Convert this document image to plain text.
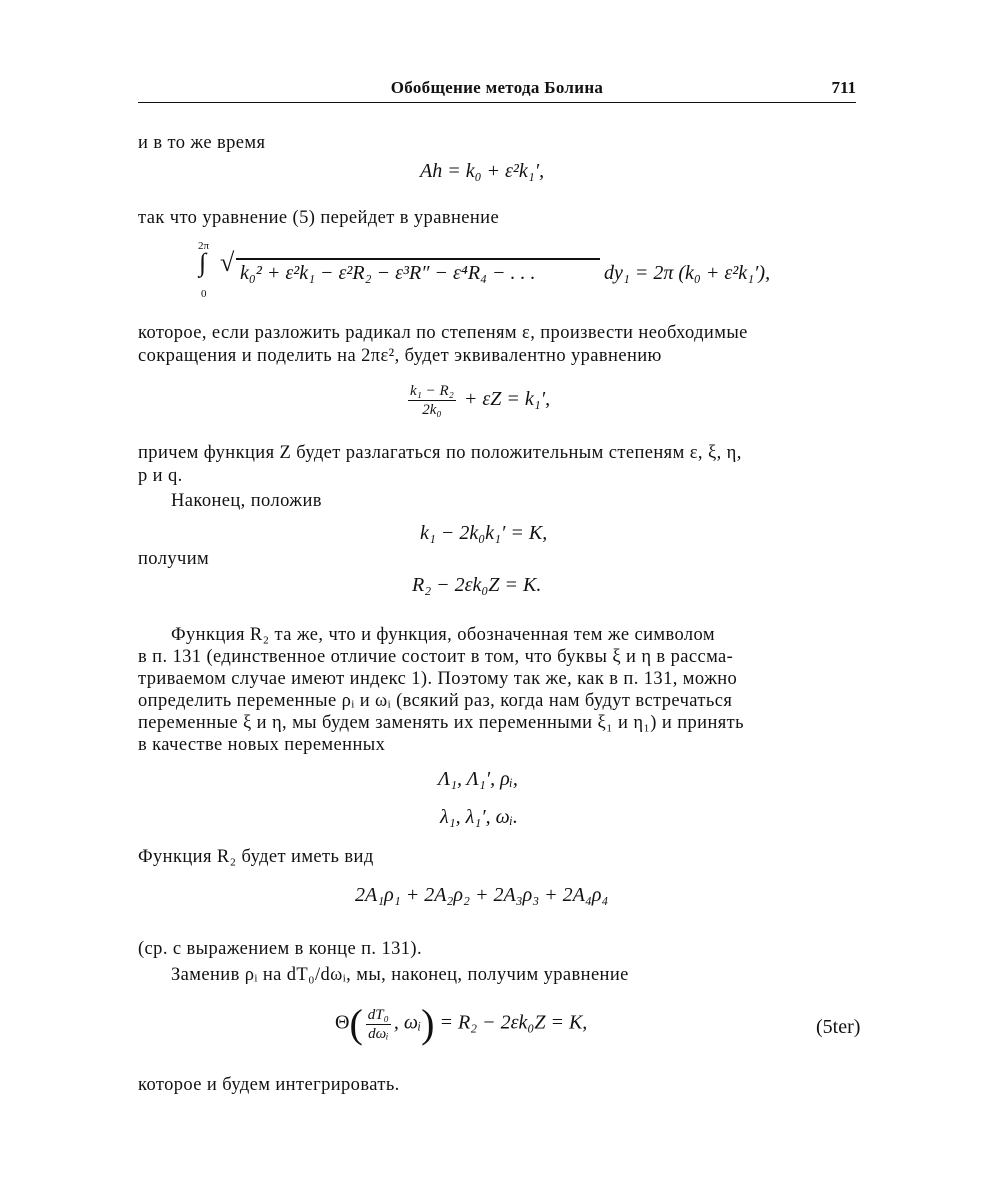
Обобщение метода Болина	711
и в то же время
Ah = k₀ + ε²k₁′,
так что уравнение (5) перейдет в уравнение
2π
∫
0
√ k₀² + ε²k₁ − ε²R₂ − ε³R″ − ε⁴R₄ − . . .	dy₁ = 2π (k₀ + ε²k₁′),
которое, если разложить радикал по степеням ε, произвести необходимые
сокращения и поделить на 2πε², будет эквивалентно уравнению
$\frac{\text{k₁ − R₂}}{\text{2k₀}} + \varepsilon Z = k_1'$,
причем функция Z будет разлагаться по положительным степеням ε, ξ, η,
p и q.
Наконец, положив
k₁ − 2k₀k₁′ = K,
получим
R₂ − 2εk₀Z = K.
Функция R₂ та же, что и функция, обозначенная тем же символом
в п. 131 (единственное отличие состоит в том, что буквы ξ и η в рассма-
триваемом случае имеют индекс 1). Поэтому так же, как в п. 131, можно
определить переменные ρᵢ и ωᵢ (всякий раз, когда нам будут встречаться
переменные ξ и η, мы будем заменять их переменными ξ₁ и η₁) и принять
в качестве новых переменных
Λ₁, Λ₁′, ρᵢ,
λ₁, λ₁′, ωᵢ.
Функция R₂ будет иметь вид
2A₁ρ₁ + 2A₂ρ₂ + 2A₃ρ₃ + 2A₄ρ₄
(ср. с выражением в конце п. 131).
Заменив ρᵢ на dT₀/dωᵢ, мы, наконец, получим уравнение
$\Theta( \frac{\text{dT₀}}{\text{dωᵢ}}$ , ωᵢ) = R₂ − 2εk₀Z = K,	(5ter)
которое и будем интегрировать.
